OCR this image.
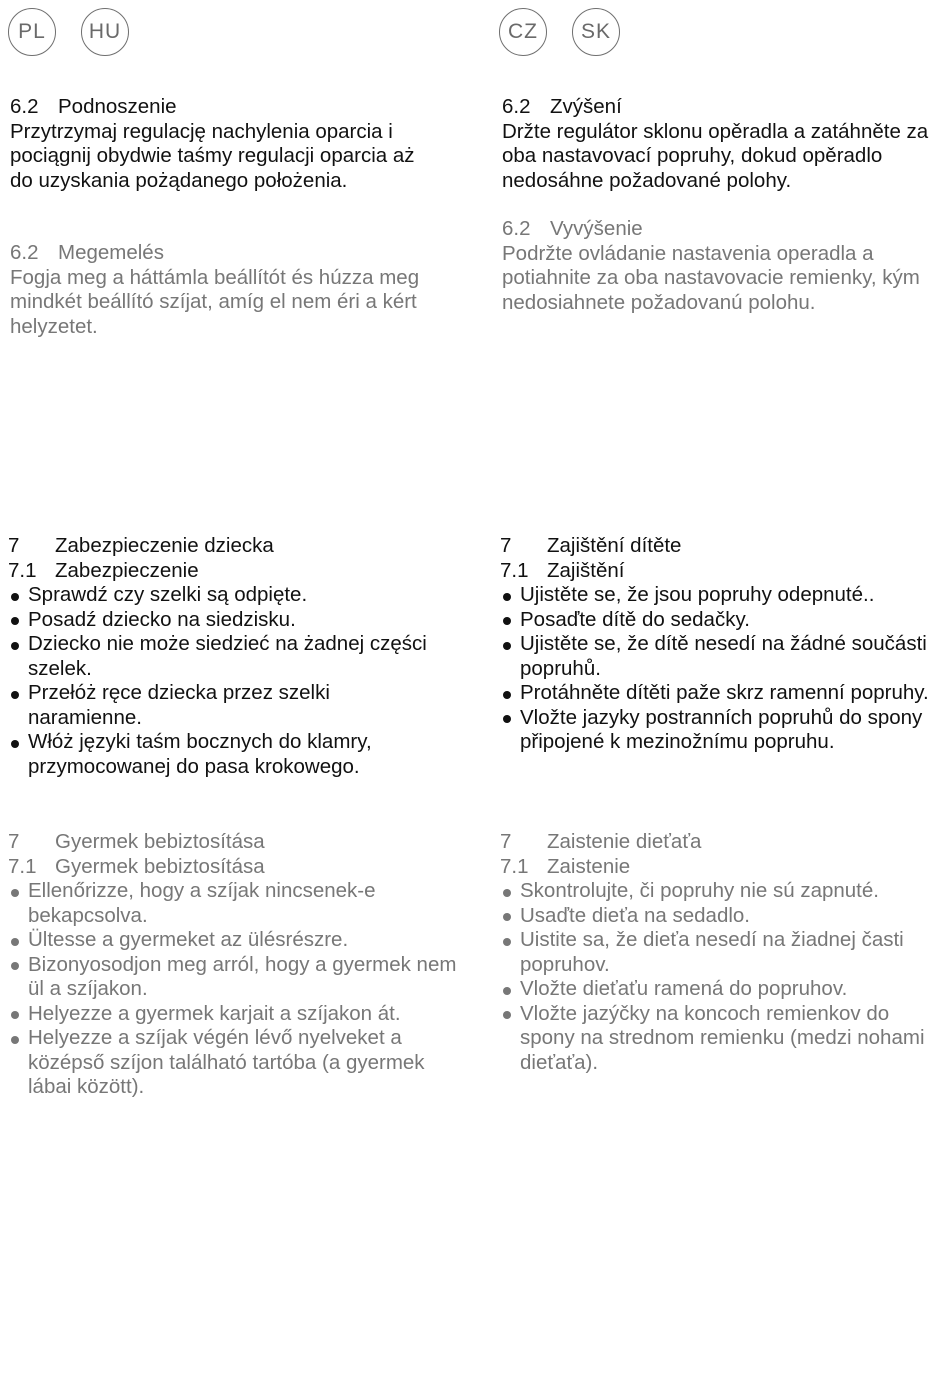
PL	HU	CZ	SK

6.2 Podnoszenie

Przytrzymaj regulację nachylenia oparcia i pociągnij obydwie taśmy regulacji oparcia aż do uzyskania pożądanego położenia.

6.2 Megemelés

Fogja meg a háttámla beállítót és húzza meg mindkét beállító szíjat, amíg el nem éri a kért helyzetet.

6.2 Zvýšení

Držte regulátor sklonu opěradla a zatáhněte za oba nastavovací popruhy, dokud opěradlo nedosáhne požadované polohy.

6.2 Vyvýšenie

Podržte ovládanie nastavenia operadla a potiahnite za oba nastavovacie remienky, kým nedosiahnete požadovanú polohu.

7 Zabezpieczenie dziecka

7.1 Zabezpieczenie

Sprawdź czy szelki są odpięte.
Posadź dziecko na siedzisku.
Dziecko nie może siedzieć na żadnej części szelek.
Przełóż ręce dziecka przez szelki naramienne.
Włóż języki taśm bocznych do klamry, przymocowanej do pasa krokowego.

7 Gyermek bebiztosítása

7.1 Gyermek bebiztosítása

Ellenőrizze, hogy a szíjak nincsenek-e bekapcsolva.
Ültesse a gyermeket az ülésrészre.
Bizonyosodjon meg arról, hogy a gyermek nem ül a szíjakon.
Helyezze a gyermek karjait a szíjakon át.
Helyezze a szíjak végén lévő nyelveket a középső szíjon található tartóba (a gyermek lábai között).

7 Zajištění dítěte

7.1 Zajištění

Ujistěte se, že jsou popruhy odepnuté..
Posaďte dítě do sedačky.
Ujistěte se, že dítě nesedí na žádné součásti popruhů.
Protáhněte dítěti paže skrz ramenní popruhy.
Vložte jazyky postranních popruhů do spony připojené k mezinožnímu popruhu.

7 Zaistenie dieťaťa

7.1 Zaistenie

Skontrolujte, či popruhy nie sú zapnuté.
Usaďte dieťa na sedadlo.
Uistite sa, že dieťa nesedí na žiadnej časti popruhov.
Vložte dieťaťu ramená do popruhov.
Vložte jazýčky na koncoch remienkov do spony na strednom remienku (medzi nohami dieťaťa).
